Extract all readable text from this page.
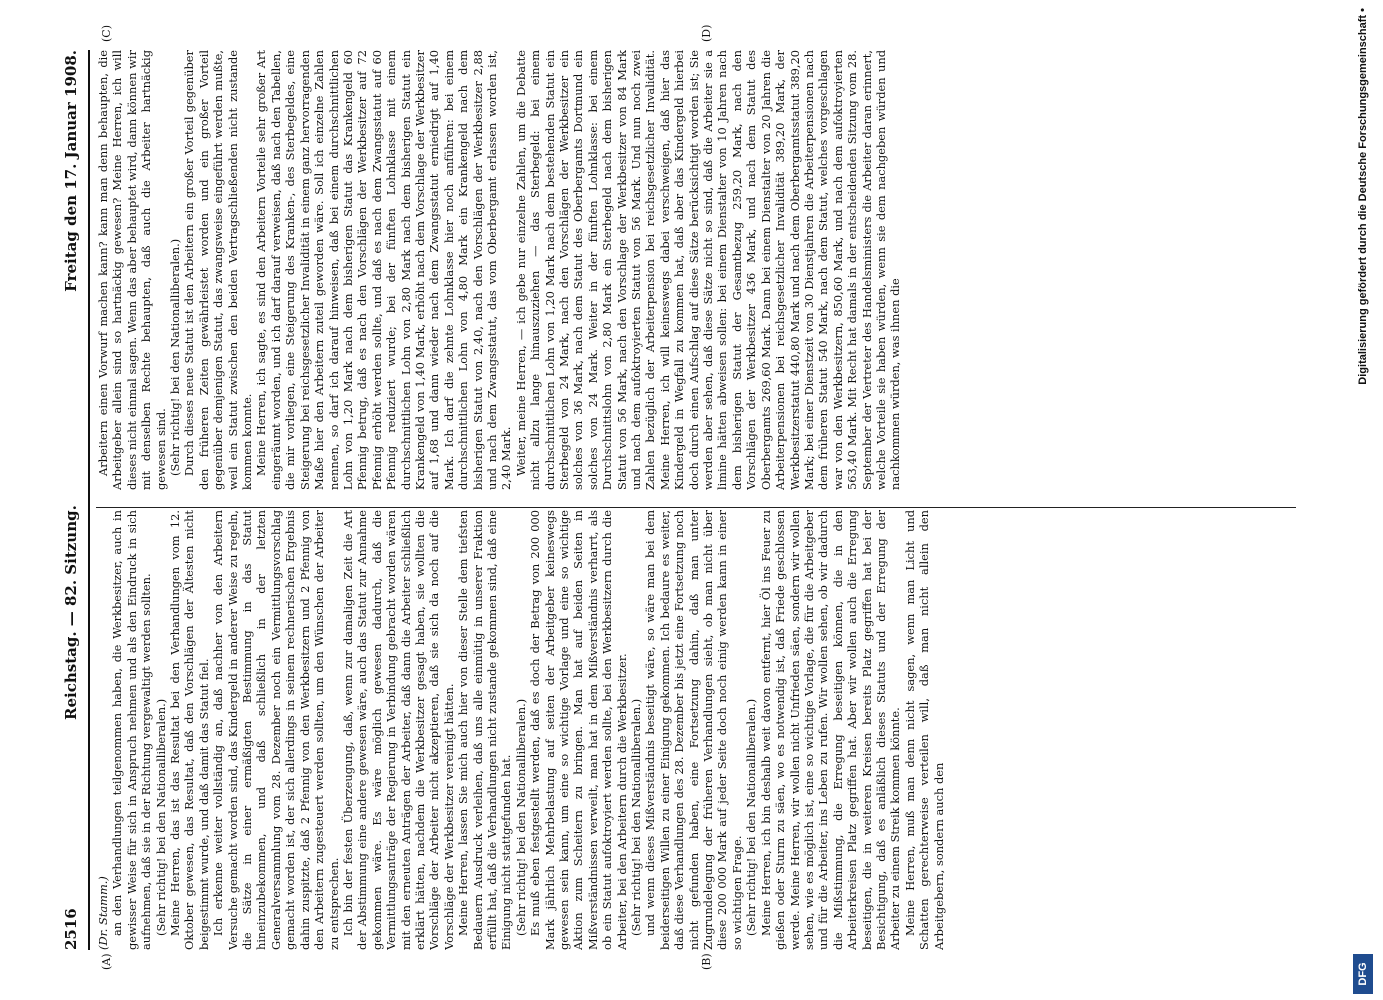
2516
Reichstag. — 82. Sitzung.
Freitag den 17. Januar 1908.
(A)	(B)
(C)	(D)

(Dr. Stamm.) an den Verhandlungen teilgenommen haben, die Werkbesitzer, auch in gewisser Weise für sich in Anspruch nehmen und als den Eindruck in sich aufnehmen, daß sie in der Richtung vergewaltigt werden sollten. (Sehr richtig! bei den Nationalliberalen.) Meine Herren, das ist das Resultat bei den Verhandlungen vom 12. Oktober gewesen, das Resultat, daß den Vorschlägen der Ältesten nicht beigestimmt wurde, und daß damit das Statut fiel. Ich erkenne weiter vollständig an, daß nachher von den Arbeitern Versuche gemacht worden sind, das Kindergeld in anderer Weise zu regeln, die Sätze in einer ermäßigten Bestimmung in das Statut hineinzubekommen, und daß schließlich in der letzten Generalversammlung vom 28. Dezember noch ein Vermittlungsvorschlag gemacht worden ist, der sich allerdings in seinem rechnerischen Ergebnis dahin zuspitzte, daß 2 Pfennig von den Werkbesitzern und 2 Pfennig von den Arbeitern zugesteuert werden sollten, um den Wünschen der Arbeiter zu entsprechen. Ich bin der festen Überzeugung, daß, wenn zur damaligen Zeit die Art der Abstimmung eine andere gewesen wäre, auch das Statut zur Annahme gekommen wäre. Es wäre möglich gewesen dadurch, daß die Vermittlungsanträge der Regierung in Verbindung gebracht worden wären mit den erneuten Anträgen der Arbeiter, daß dann die Arbeiter schließlich erklärt hätten, nachdem die Werkbesitzer gesagt haben, sie wollten die Vorschläge der Arbeiter nicht akzeptieren, daß sie sich da noch auf die Vorschläge der Werkbesitzer vereinigt hätten. Meine Herren, lassen Sie mich auch hier von dieser Stelle dem tiefsten Bedauern Ausdruck verleihen, daß uns alle einmütig in unserer Fraktion erfüllt hat, daß die Verhandlungen nicht zustande gekommen sind, daß eine Einigung nicht stattgefunden hat. (Sehr richtig! bei den Nationalliberalen.) Es muß eben festgestellt werden, daß es doch der Betrag von 200 000 Mark jährlich Mehrbelastung auf seiten der Arbeitgeber keineswegs gewesen sein kann, um eine so wichtige Vorlage und eine so wichtige Aktion zum Scheitern zu bringen. Man hat auf beiden Seiten in Mißverständnissen verweilt, man hat in dem Mißverständnis verharrt, als ob ein Statut aufoktroyiert werden sollte, bei den Werkbesitzern durch die Arbeiter, bei den Arbeitern durch die Werkbesitzer. (Sehr richtig! bei den Nationalliberalen.) und wenn dieses Mißverständnis beseitigt wäre, so wäre man bei dem beiderseitigen Willen zu einer Einigung gekommen. Ich bedaure es weiter, daß diese Verhandlungen des 28. Dezember bis jetzt eine Fortsetzung noch nicht gefunden haben, eine Fortsetzung dahin, daß man unter Zugrundelegung der früheren Verhandlungen sieht, ob man nicht über diese 200 000 Mark auf jeder Seite doch noch einig werden kann in einer so wichtigen Frage. (Sehr richtig! bei den Nationalliberalen.) Meine Herren, ich bin deshalb weit davon entfernt, hier Öl ins Feuer zu gießen oder Sturm zu säen, wo es notwendig ist, daß Friede geschlossen werde. Meine Herren, wir wollen nicht Unfrieden säen, sondern wir wollen sehen, wie es möglich ist, eine so wichtige Vorlage, die für die Arbeitgeber und für die Arbeiter, ins Leben zu rufen. Wir wollen sehen, ob wir dadurch die Mißstimmung, die Erregung beseitigen können, die in den Arbeiterkreisen Platz gegriffen hat. Aber wir wollen auch die Erregung beseitigen, die in weiteren Kreisen bereits Platz gegriffen hat bei der Besichtigung, daß es anläßlich dieses Statuts und der Erregung der Arbeiter zu einem Streik kommen könnte. Meine Herren, muß man denn nicht sagen, wenn man Licht und Schatten gerechterweise verteilen will, daß man nicht allein den Arbeitgebern, sondern auch den

Arbeitern einen Vorwurf machen kann? kann man denn behaupten, die Arbeitgeber allein sind so hartnäckig gewesen? Meine Herren, ich will dieses nicht einmal sagen. Wenn das aber behauptet wird, dann können wir mit denselben Rechte behaupten, daß auch die Arbeiter hartnäckig gewesen sind. (Sehr richtig! bei den Nationalliberalen.) Durch dieses neue Statut ist den Arbeitern ein großer Vorteil gegenüber den früheren Zeiten gewährleistet worden und ein großer Vorteil gegenüber demjenigen Statut, das zwangsweise eingeführt werden mußte, weil ein Statut zwischen den beiden Vertragschließenden nicht zustande kommen konnte. Meine Herren, ich sagte, es sind den Arbeitern Vorteile sehr großer Art eingeräumt worden, und ich darf darauf verweisen, daß nach den Tabellen, die mir vorliegen, eine Steigerung des Kranken-, des Sterbegeldes, eine Steigerung bei reichsgesetzlicher Invalidität in einem ganz hervorragenden Maße hier den Arbeitern zuteil geworden wäre. Soll ich einzelne Zahlen nennen, so darf ich darauf hinweisen, daß bei einem durchschnittlichen Lohn von 1,20 Mark nach dem bisherigen Statut das Krankengeld 60 Pfennig betrug, daß es nach den Vorschlägen der Werkbesitzer auf 72 Pfennig erhöht werden sollte, und daß es nach dem Zwangsstatut auf 60 Pfennig reduziert wurde; bei der fünften Lohnklasse mit einem durchschnittlichen Lohn von 2,80 Mark nach dem bisherigen Statut ein Krankengeld von 1,40 Mark, erhöht nach dem Vorschlage der Werkbesitzer auf 1,68 und dann wieder nach dem Zwangsstatut erniedrigt auf 1,40 Mark. Ich darf die zehnte Lohnklasse hier noch anführen: bei einem durchschnittlichen Lohn von 4,80 Mark ein Krankengeld nach dem bisherigen Statut von 2,40, nach den Vorschlägen der Werkbesitzer 2,88 und nach dem Zwangsstatut, das vom Oberbergamt erlassen worden ist, 2,40 Mark. Weiter, meine Herren, — ich gebe nur einzelne Zahlen, um die Debatte nicht allzu lange hinauszuziehen — das Sterbegeld: bei einem durchschnittlichen Lohn von 1,20 Mark nach dem bestehenden Statut ein Sterbegeld von 24 Mark, nach den Vorschlägen der Werkbesitzer ein solches von 36 Mark, nach dem Statut des Oberbergamts Dortmund ein solches von 24 Mark. Weiter in der fünften Lohnklasse: bei einem Durchschnittslohn von 2,80 Mark ein Sterbegeld nach dem bisherigen Statut von 56 Mark, nach den Vorschlage der Werkbesitzer von 84 Mark und nach dem aufoktroyierten Statut von 56 Mark. Und nun noch zwei Zahlen bezüglich der Arbeiterpension bei reichsgesetzlicher Invalidität. Meine Herren, ich will keineswegs dabei verschweigen, daß hier das Kindergeld in Wegfall zu kommen hat, daß aber das Kindergeld hierbei doch durch einen Aufschlag auf diese Sätze berücksichtigt worden ist; Sie werden aber sehen, daß diese Sätze nicht so sind, daß die Arbeiter sie a limine hätten abweisen sollen: bei einem Dienstalter von 10 Jahren nach dem bisherigen Statut der Gesamtbezug 259,20 Mark, nach den Vorschlägen der Werkbesitzer 436 Mark, und nach dem Statut des Oberbergamts 269,60 Mark. Dann bei einem Dienstalter von 20 Jahren die Arbeiterpensionen bei reichsgesetzlicher Invalidität 389,20 Mark, der Werkbesitzerstatut 440,80 Mark und nach dem Oberbergamtsstatut 389,20 Mark; bei einer Dienstzeit von 30 Dienstjahren die Arbeiterpensionen nach dem früheren Statut 540 Mark, nach dem Statut, welches vorgeschlagen war von den Werkbesitzern, 850,60 Mark, und nach dem aufoktroyierten 563,40 Mark. Mit Recht hat damals in der entscheidenden Sitzung vom 28. September der Vertreter des Handelsministers die Arbeiter daran erinnert, welche Vorteile sie haben würden, wenn sie dem nachgeben würden und nachkommen würden, was ihnen die

DFG
Digitalisierung gefördert durch die Deutsche Forschungsgemeinschaft •
